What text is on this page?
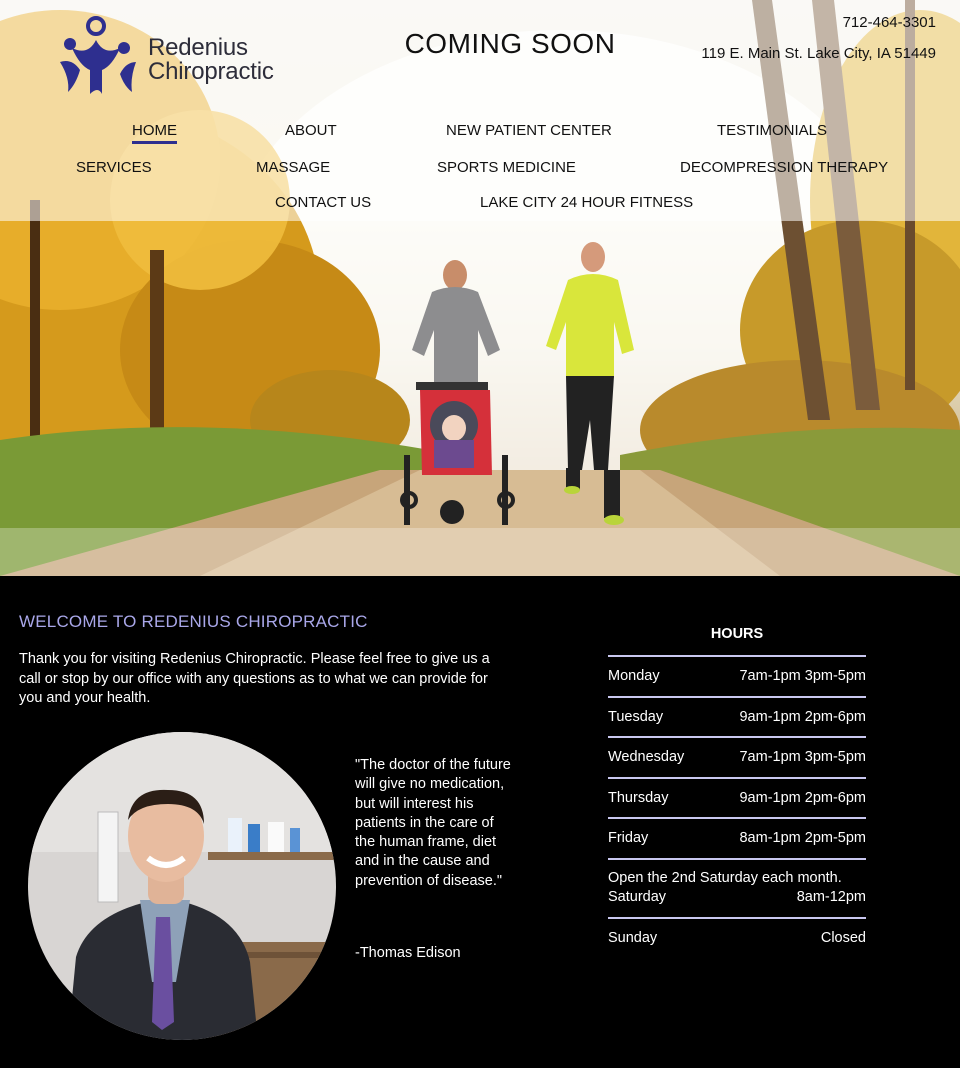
Redenius
Chiropractic
COMING SOON
712-464-3301
119 E. Main St. Lake City, IA 51449
HOME	ABOUT	NEW PATIENT CENTER	TESTIMONIALS
SERVICES	MASSAGE	SPORTS MEDICINE	DECOMPRESSION THERAPY
CONTACT US	LAKE CITY 24 HOUR FITNESS
WELCOME TO REDENIUS CHIROPRACTIC
Thank you for visiting Redenius Chiropractic. Please feel free to give us a call or stop by our office with any questions as to what we can provide for you and your health.
"The doctor of the future will give no medication, but will interest his patients in the care of the human frame, diet and in the cause and prevention of disease."
-Thomas Edison
HOURS
Monday	7am-1pm 3pm-5pm
Tuesday	9am-1pm 2pm-6pm
Wednesday	7am-1pm 3pm-5pm
Thursday	9am-1pm 2pm-6pm
Friday	8am-1pm 2pm-5pm
Open the 2nd Saturday each month.
Saturday	8am-12pm
Sunday	Closed
